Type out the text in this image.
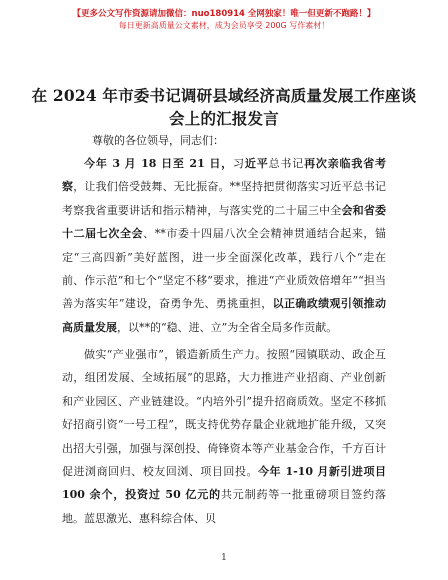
【更多公文写作资源请加微信：nuo180914 全网独家！唯一但更新不跑路！】
每日更新高质量公文素材，成为会员享受 200G 写作素材！
在 2024 年市委书记调研县域经济高质量发展工作座谈会上的汇报发言
尊敬的各位领导，同志们：

今年 3 月 18 日至 21 日，习近平总书记再次亲临我省考察，让我们倍受鼓舞、无比振奋。**坚持把贯彻落实习近平总书记考察我省重要讲话和指示精神，与落实党的二十届三中全会和省委十二届七次全会、**市委十四届八次全会精神贯通结合起来，锚定“三高四新”美好蓝图，进一步全面深化改革，践行八个“走在前、作示范”和七个“坚定不移”要求，推进“产业质效倍增年”“担当善为落实年”建设，奋勇争先、勇挑重担，以正确政绩观引领推动高质量发展，以**的“稳、进、立”为全省全局多作贡献。

做实“产业强市”，锻造新质生产力。按照“园镇联动、政企互动，组团发展、全域拓展”的思路，大力推进产业招商、产业创新和产业园区、产业链建设。“内培外引”提升招商质效。坚定不移抓好招商引资“一号工程”，既支持优势存量企业就地扩能升级，又突出招大引强，加强与深创投、倚锋资本等产业基金合作，千方百计促进浏商回归、校友回浏、项目回投。今年 1-10 月新引进项目 100 余个，投资过 50 亿元的共元制药等一批重磅项目签约落地。蓝思激光、惠科综合体、贝

1
